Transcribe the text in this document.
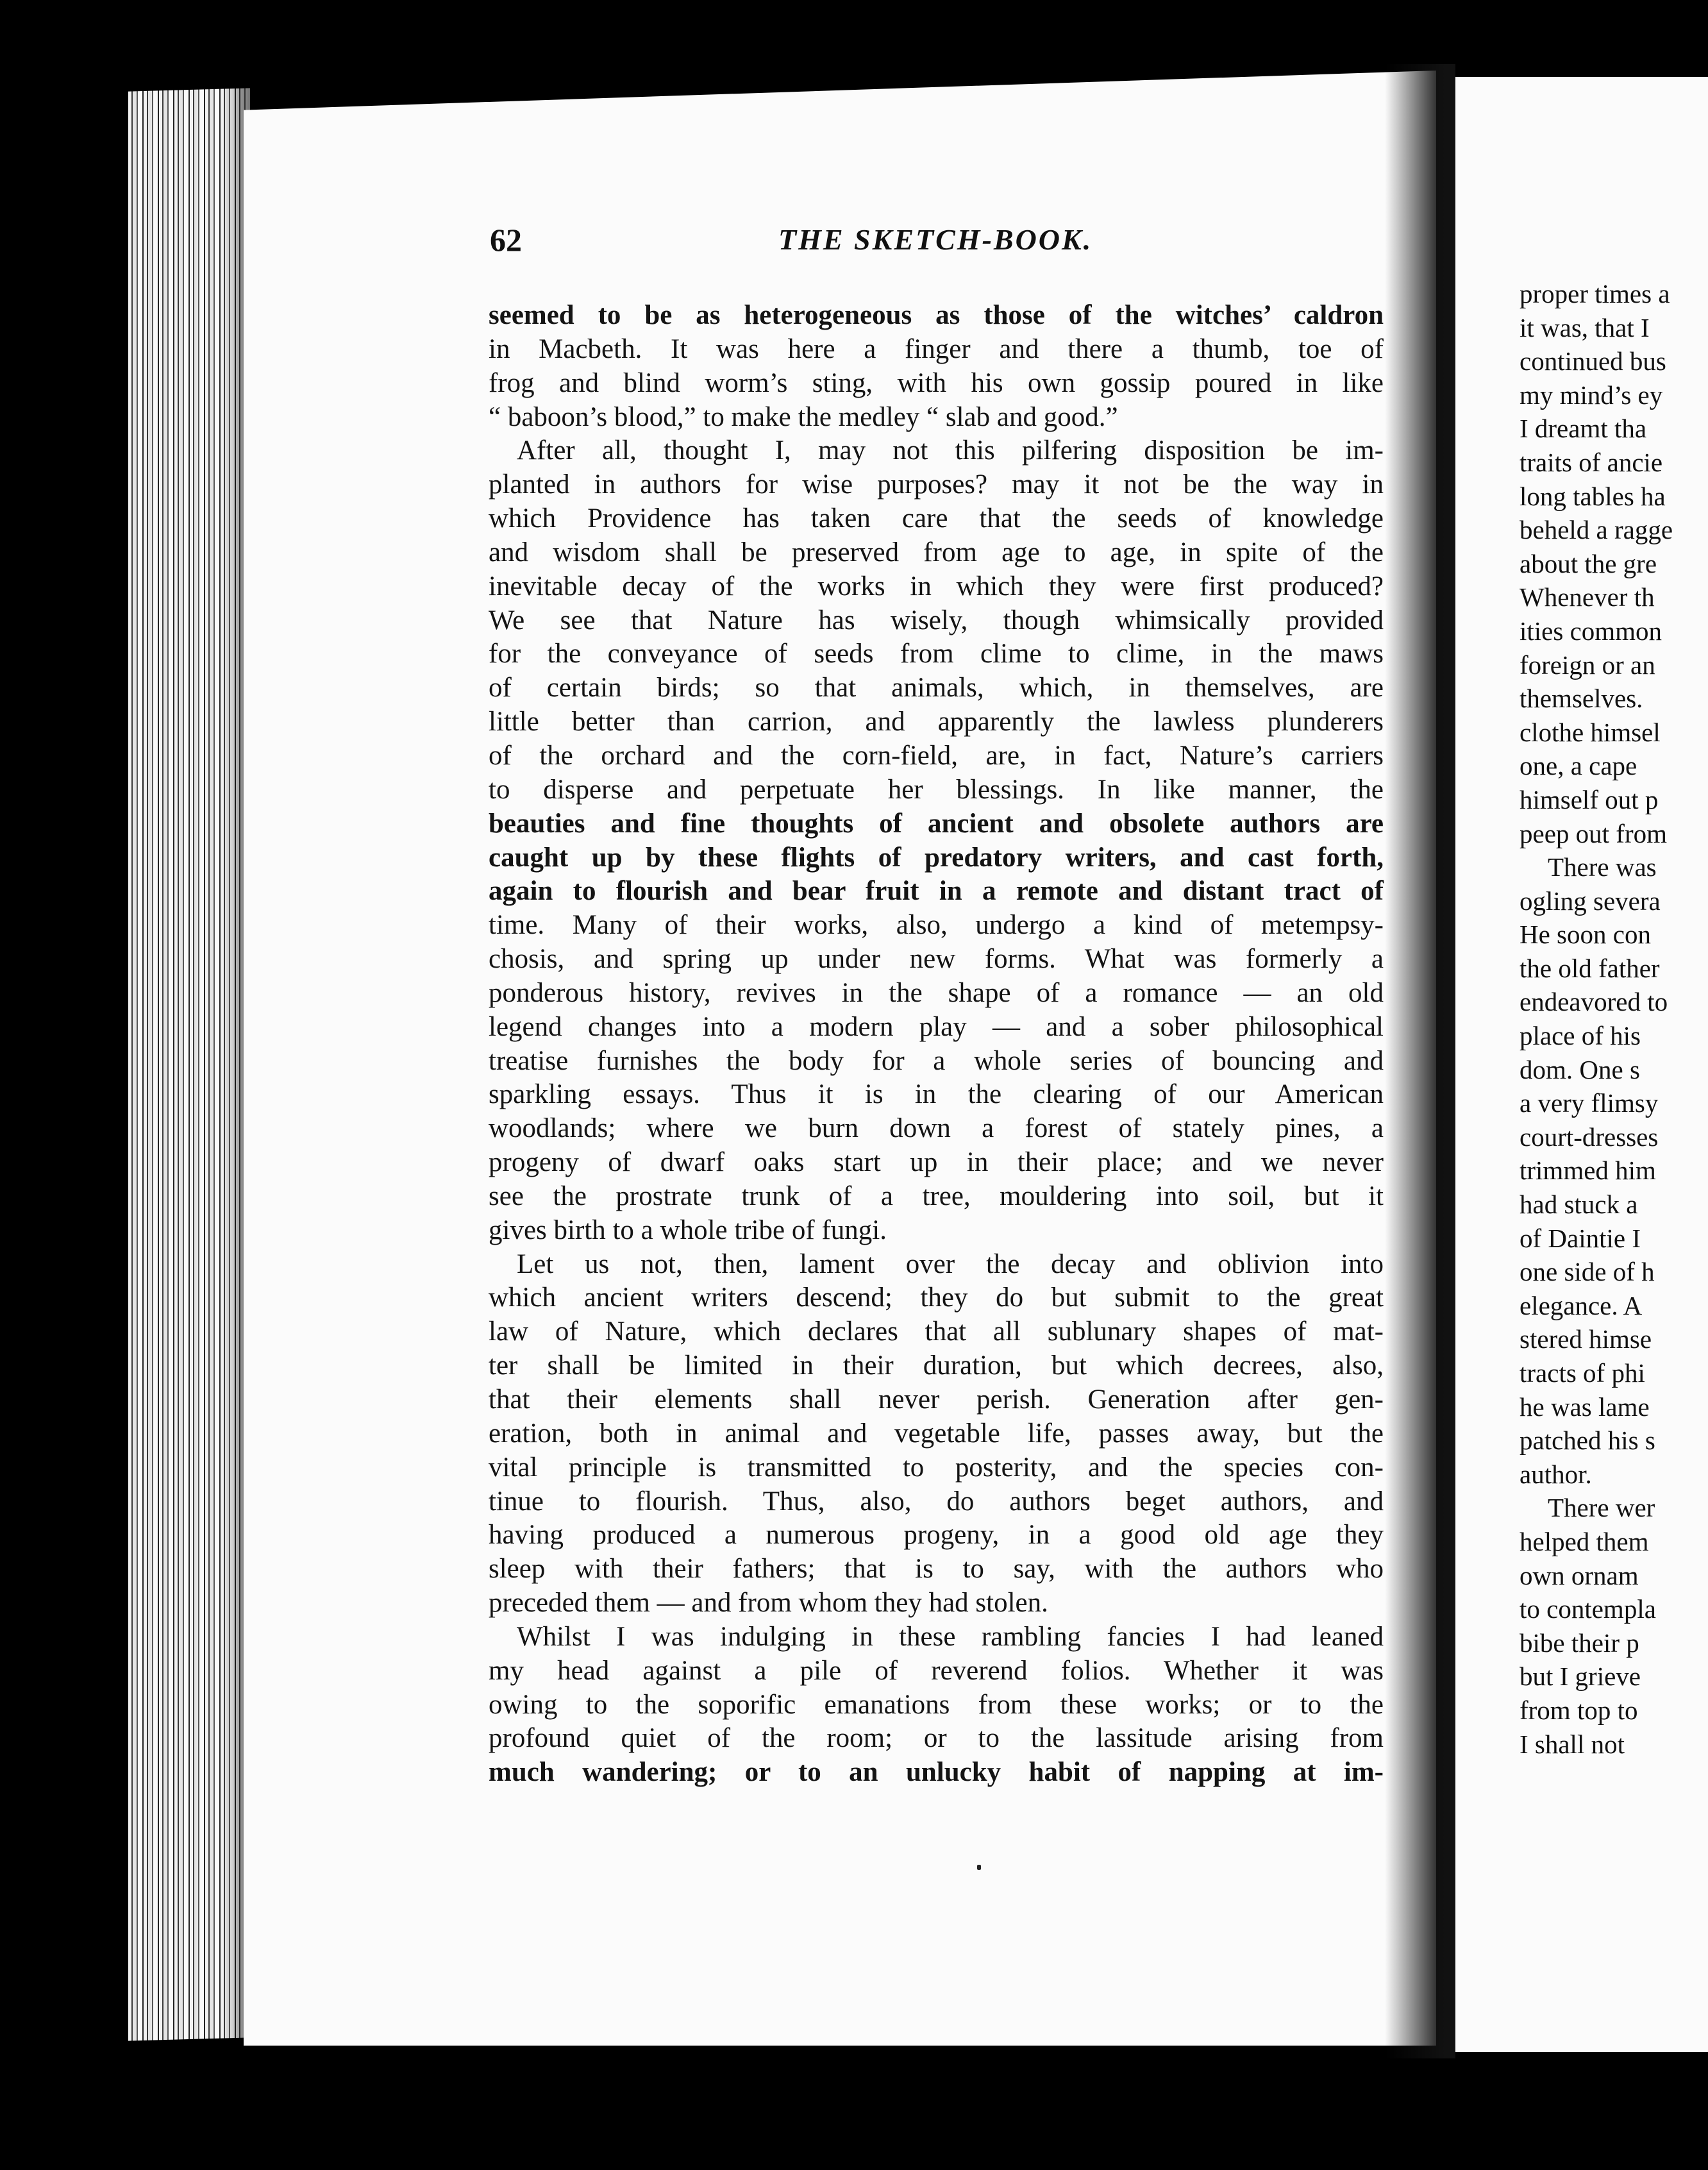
62	THE SKETCH-BOOK.
seemed to be as heterogeneous as those of the witches’ caldron
in Macbeth. It was here a finger and there a thumb, toe of
frog and blind worm’s sting, with his own gossip poured in like
“ baboon’s blood,” to make the medley “ slab and good.”
After all, thought I, may not this pilfering disposition be im-
planted in authors for wise purposes? may it not be the way in
which Providence has taken care that the seeds of knowledge
and wisdom shall be preserved from age to age, in spite of the
inevitable decay of the works in which they were first produced?
We see that Nature has wisely, though whimsically provided
for the conveyance of seeds from clime to clime, in the maws
of certain birds; so that animals, which, in themselves, are
little better than carrion, and apparently the lawless plunderers
of the orchard and the corn-field, are, in fact, Nature’s carriers
to disperse and perpetuate her blessings. In like manner, the
beauties and fine thoughts of ancient and obsolete authors are
caught up by these flights of predatory writers, and cast forth,
again to flourish and bear fruit in a remote and distant tract of
time. Many of their works, also, undergo a kind of metempsy-
chosis, and spring up under new forms. What was formerly a
ponderous history, revives in the shape of a romance — an old
legend changes into a modern play — and a sober philosophical
treatise furnishes the body for a whole series of bouncing and
sparkling essays. Thus it is in the clearing of our American
woodlands; where we burn down a forest of stately pines, a
progeny of dwarf oaks start up in their place; and we never
see the prostrate trunk of a tree, mouldering into soil, but it
gives birth to a whole tribe of fungi.
Let us not, then, lament over the decay and oblivion into
which ancient writers descend; they do but submit to the great
law of Nature, which declares that all sublunary shapes of mat-
ter shall be limited in their duration, but which decrees, also,
that their elements shall never perish. Generation after gen-
eration, both in animal and vegetable life, passes away, but the
vital principle is transmitted to posterity, and the species con-
tinue to flourish. Thus, also, do authors beget authors, and
having produced a numerous progeny, in a good old age they
sleep with their fathers; that is to say, with the authors who
preceded them — and from whom they had stolen.
Whilst I was indulging in these rambling fancies I had leaned
my head against a pile of reverend folios. Whether it was
owing to the soporific emanations from these works; or to the
profound quiet of the room; or to the lassitude arising from
much wandering; or to an unlucky habit of napping at im-
proper times a
it was, that I
continued bus
my mind’s ey
I dreamt tha
traits of ancie
long tables ha
beheld a ragge
about the gre
Whenever th
ities common
foreign or an
themselves.
clothe himsel
one, a cape
himself out p
peep out from
There was
ogling severa
He soon con
the old father
endeavored to
place of his
dom. One s
a very flimsy
court-dresses
trimmed him
had stuck a
of Daintie I
one side of h
elegance. A
stered himse
tracts of phi
he was lame
patched his s
author.
There wer
helped them
own ornam
to contempla
bibe their p
but I grieve
from top to
I shall not
